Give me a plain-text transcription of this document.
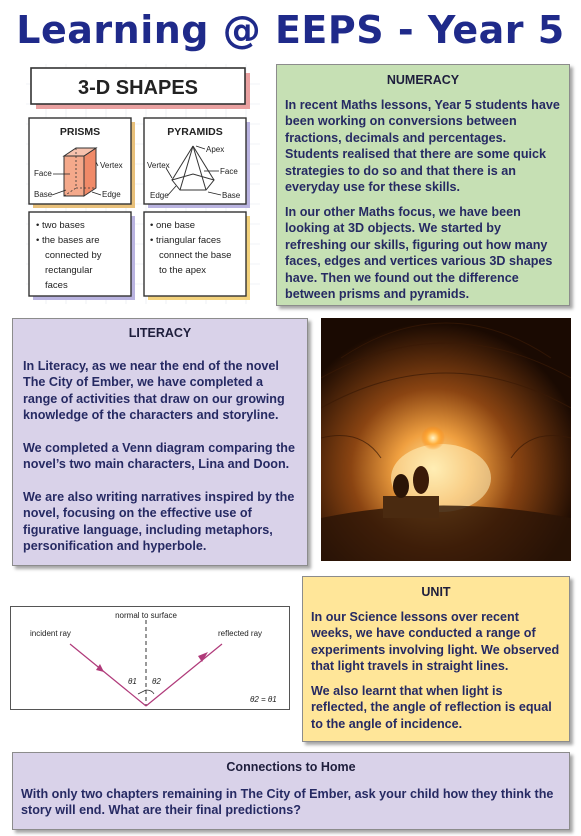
Learning @ EEPS - Year 5
3-D SHAPES
PRISMS
Face
Vertex
Base	Edge
PYRAMIDS
Apex
Vertex
Face
Edge	Base
• two bases
• the bases are
connected by
rectangular
faces
• one base
• triangular faces
connect the base
to the apex
NUMERACY

In recent Maths lessons, Year 5 students have been working on conversions between fractions, decimals and percentages. Students realised that there are some quick strategies to do so and that there is an everyday use for these skills.

In our other Maths focus, we have been looking at 3D objects. We started by refreshing our skills, figuring out how many faces, edges and vertices various 3D shapes have. Then we found out the difference between prisms and pyramids.

LITERACY

In Literacy, as we near the end of the novel The City of Ember, we have completed a range of activities that draw on our growing knowledge of the characters and storyline.

We completed a Venn diagram comparing the novel’s two main characters, Lina and Doon.

We are also writing narratives inspired by the novel, focusing on the effective use of figurative language, including metaphors, personification and hyperbole.

normal to surface
incident ray	reflected ray
θ1 θ2
θ2 = θ1
UNIT

In our Science lessons over recent weeks, we have conducted a range of experiments involving light. We observed that light travels in straight lines.

We also learnt that when light is reflected, the angle of reflection is equal to the angle of incidence.

Connections to Home

With only two chapters remaining in The City of Ember, ask your child how they think the story will end. What are their final predictions?
